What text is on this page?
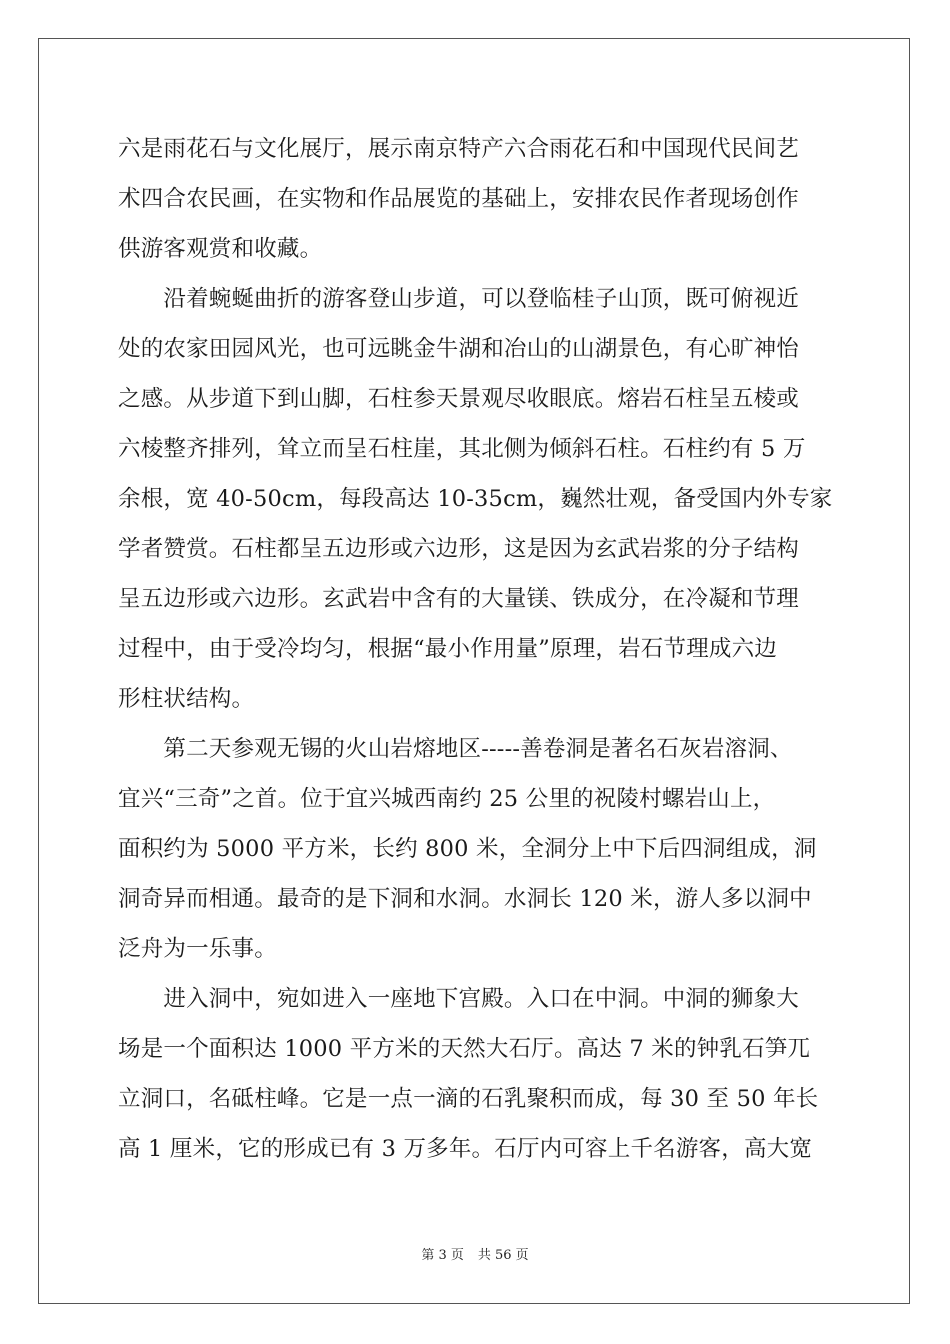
六是雨花石与文化展厅，展示南京特产六合雨花石和中国现代民间艺
术四合农民画，在实物和作品展览的基础上，安排农民作者现场创作
供游客观赏和收藏。
　　沿着蜿蜒曲折的游客登山步道，可以登临桂子山顶，既可俯视近
处的农家田园风光，也可远眺金牛湖和冶山的山湖景色，有心旷神怡
之感。从步道下到山脚，石柱参天景观尽收眼底。熔岩石柱呈五棱或
六棱整齐排列，耸立而呈石柱崖，其北侧为倾斜石柱。石柱约有 5 万
余根，宽 40-50cm，每段高达 10-35cm，巍然壮观，备受国内外专家
学者赞赏。石柱都呈五边形或六边形，这是因为玄武岩浆的分子结构
呈五边形或六边形。玄武岩中含有的大量镁、铁成分，在冷凝和节理
过程中，由于受冷均匀，根据“最小作用量”原理，岩石节理成六边
形柱状结构。
　　第二天参观无锡的火山岩熔地区-----善卷洞是著名石灰岩溶洞、
宜兴“三奇”之首。位于宜兴城西南约 25 公里的祝陵村螺岩山上，
面积约为 5000 平方米，长约 800 米，全洞分上中下后四洞组成，洞
洞奇异而相通。最奇的是下洞和水洞。水洞长 120 米，游人多以洞中
泛舟为一乐事。
　　进入洞中，宛如进入一座地下宫殿。入口在中洞。中洞的狮象大
场是一个面积达 1000 平方米的天然大石厅。高达 7 米的钟乳石笋兀
立洞口，名砥柱峰。它是一点一滴的石乳聚积而成，每 30 至 50 年长
高 1 厘米，它的形成已有 3 万多年。石厅内可容上千名游客，高大宽
第 3 页 共 56 页
